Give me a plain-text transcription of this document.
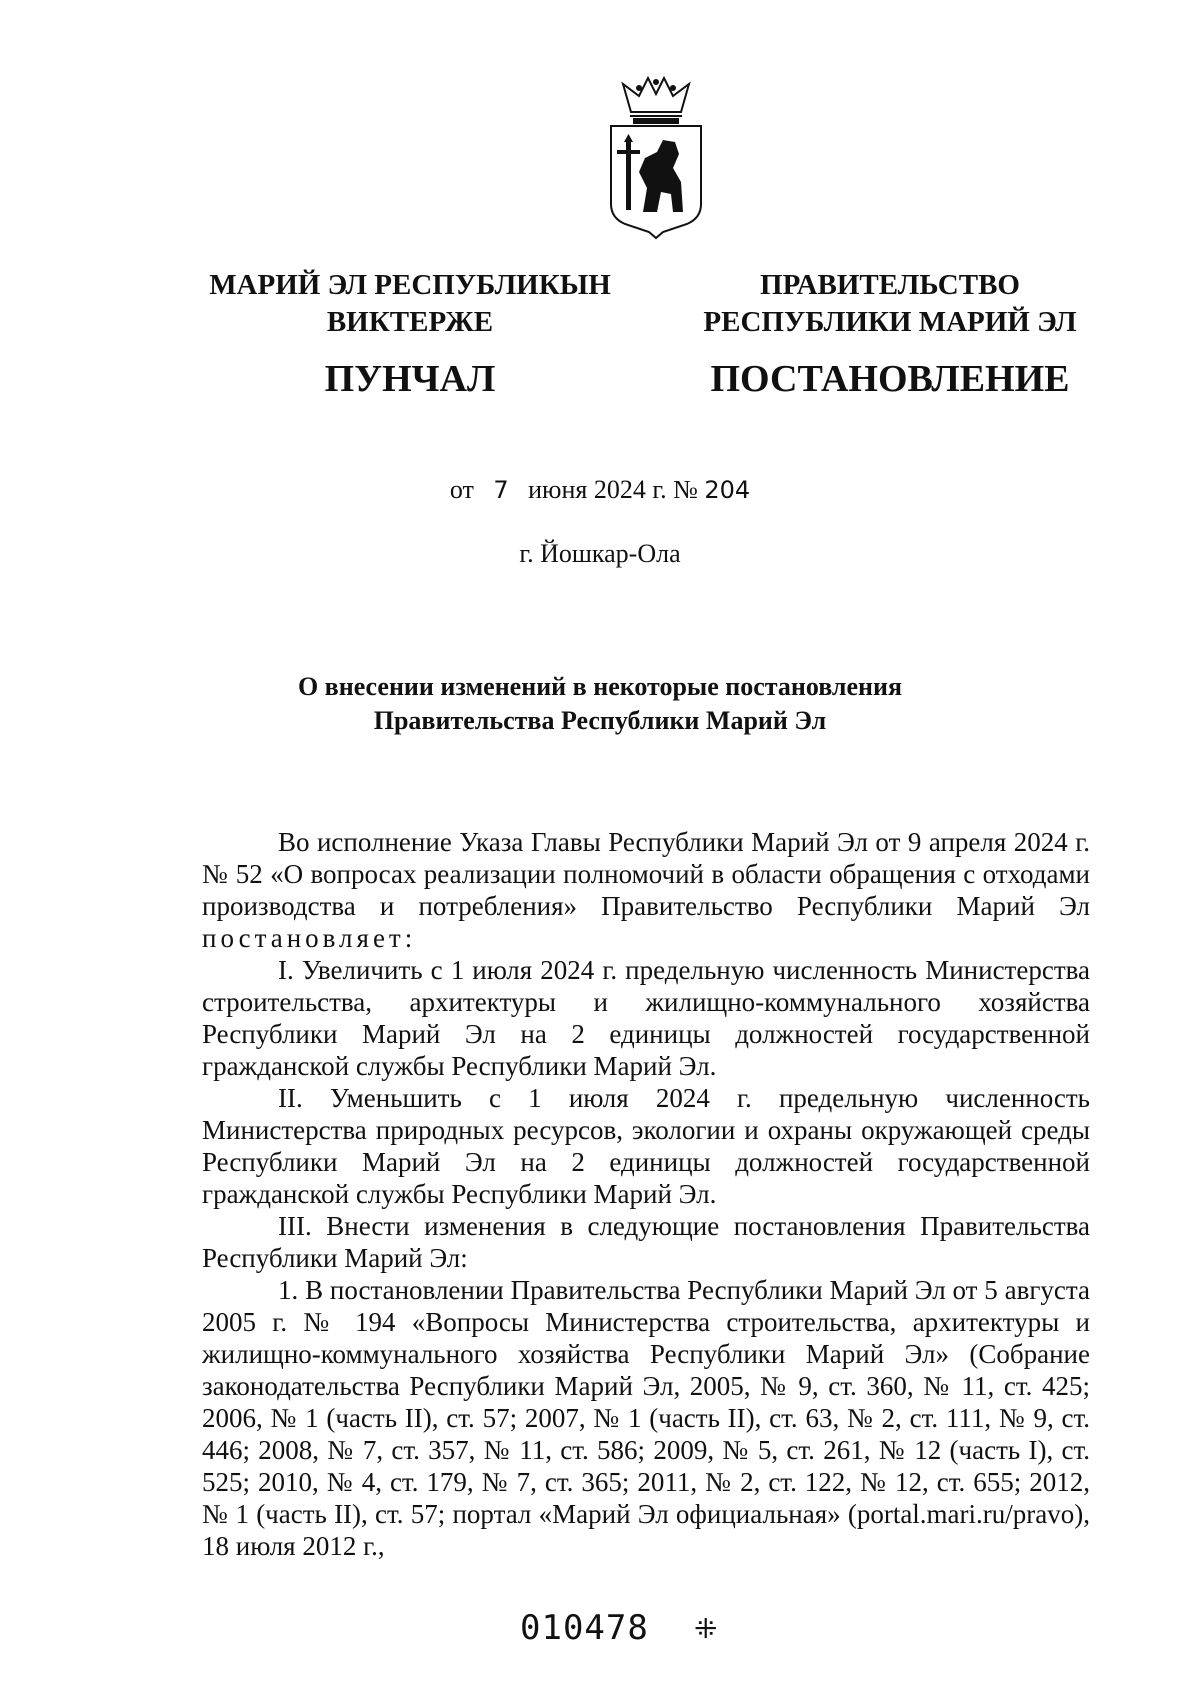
МАРИЙ ЭЛ РЕСПУБЛИКЫН
ВИКТЕРЖЕ
ПУНЧАЛ
ПРАВИТЕЛЬСТВО
РЕСПУБЛИКИ МАРИЙ ЭЛ
ПОСТАНОВЛЕНИЕ
от 7 июня 2024 г. № 204
г. Йошкар-Ола
О внесении изменений в некоторые постановления
Правительства Республики Марий Эл

Во исполнение Указа Главы Республики Марий Эл от 9 апреля 2024 г. № 52 «О вопросах реализации полномочий в области обращения с отходами производства и потребления» Правительство Республики Марий Эл постановляет:

I. Увеличить с 1 июля 2024 г. предельную численность Министерства строительства, архитектуры и жилищно-коммунального хозяйства Республики Марий Эл на 2 единицы должностей государственной гражданской службы Республики Марий Эл.

II. Уменьшить с 1 июля 2024 г. предельную численность Министерства природных ресурсов, экологии и охраны окружающей среды Республики Марий Эл на 2 единицы должностей государственной гражданской службы Республики Марий Эл.

III. Внести изменения в следующие постановления Правительства Республики Марий Эл:

1. В постановлении Правительства Республики Марий Эл от 5 августа 2005 г. № 194 «Вопросы Министерства строительства, архитектуры и жилищно-коммунального хозяйства Республики Марий Эл» (Собрание законодательства Республики Марий Эл, 2005, № 9, ст. 360, № 11, ст. 425; 2006, № 1 (часть II), ст. 57; 2007, № 1 (часть II), ст. 63, № 2, ст. 111, № 9, ст. 446; 2008, № 7, ст. 357, № 11, ст. 586; 2009, № 5, ст. 261, № 12 (часть I), ст. 525; 2010, № 4, ст. 179, № 7, ст. 365; 2011, № 2, ст. 122, № 12, ст. 655; 2012, № 1 (часть II), ст. 57; портал «Марий Эл официальная» (portal.mari.ru/pravo), 18 июля 2012 г.,

010478 ⁜
